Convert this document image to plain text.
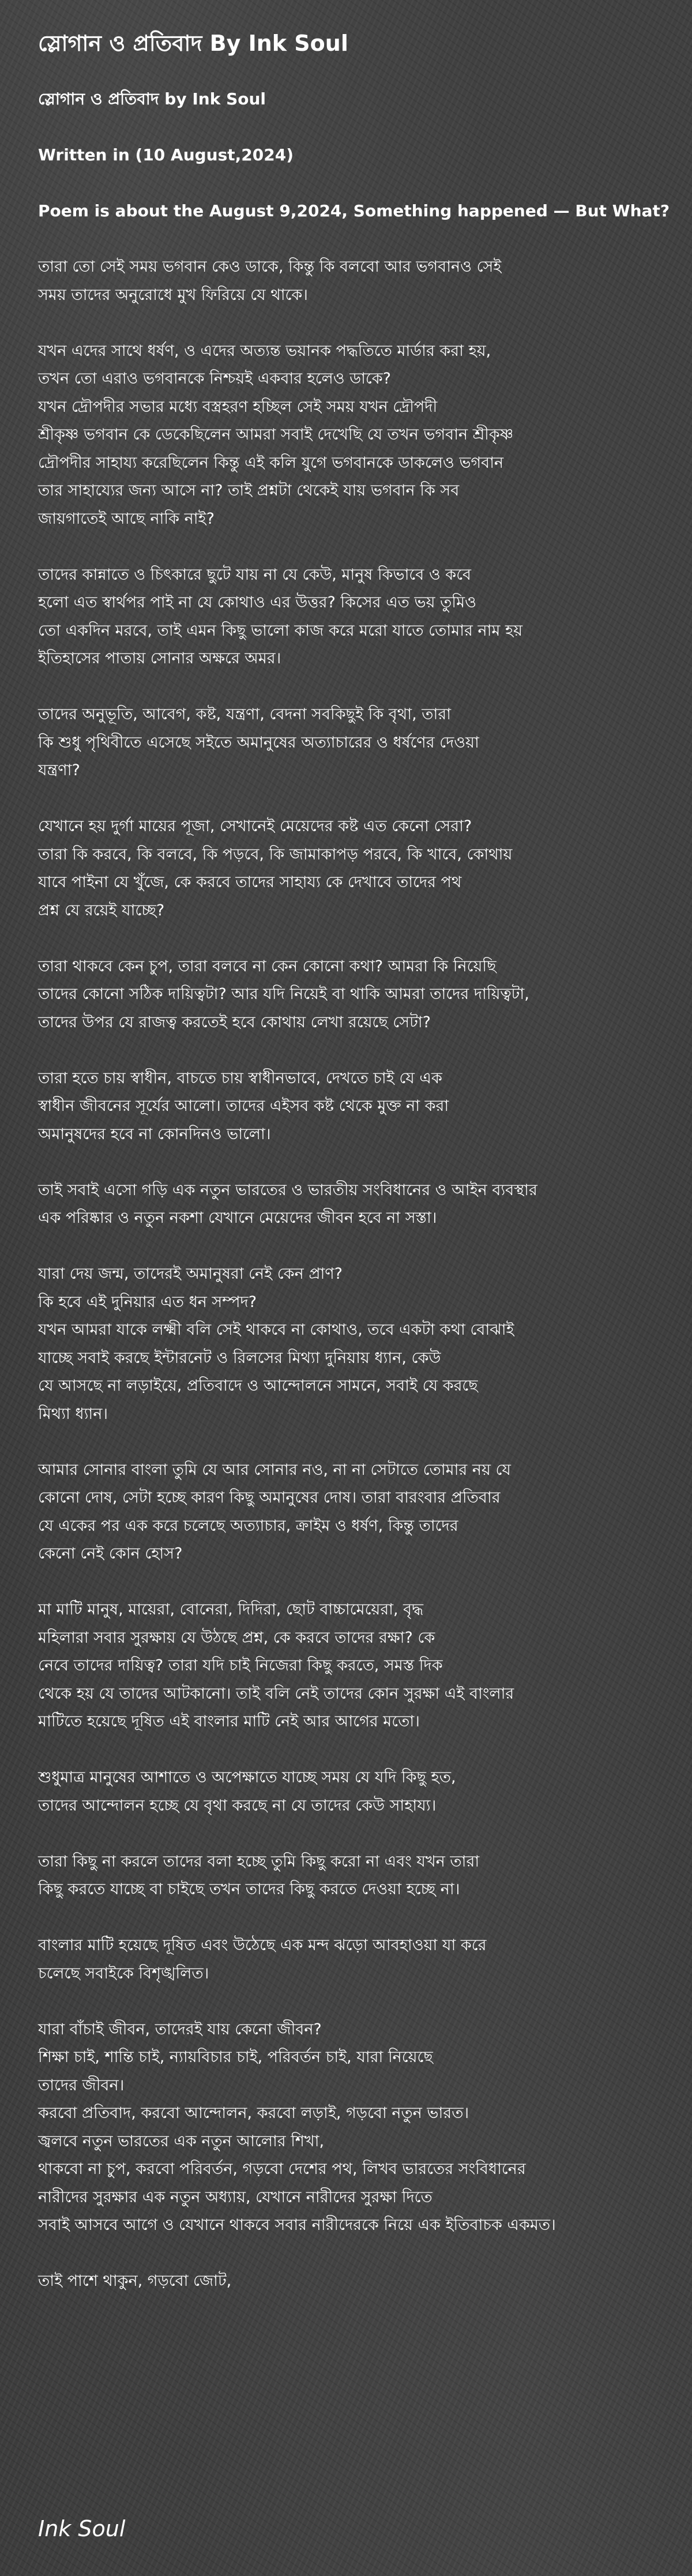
স্লোগান ও প্রতিবাদ By Ink Soul
স্লোগান ও প্রতিবাদ by Ink Soul
Written in (10 August,2024)
Poem is about the August 9,2024, Something happened — But What?
তারা তো সেই সময় ভগবান কেও ডাকে, কিন্তু কি বলবো আর ভগবানও সেই
সময় তাদের অনুরোধে মুখ ফিরিয়ে যে থাকে।
যখন এদের সাথে ধর্ষণ, ও এদের অত্যন্ত ভয়ানক পদ্ধতিতে মার্ডার করা হয়,
তখন তো এরাও ভগবানকে নিশ্চয়ই একবার হলেও ডাকে?
যখন দ্রৌপদীর সভার মধ্যে বস্ত্রহরণ হচ্ছিল সেই সময় যখন দ্রৌপদী
শ্রীকৃষ্ণ ভগবান কে ডেকেছিলেন আমরা সবাই দেখেছি যে তখন ভগবান শ্রীকৃষ্ণ
দ্রৌপদীর সাহায্য করেছিলেন কিন্তু এই কলি যুগে ভগবানকে ডাকলেও ভগবান
তার সাহায্যের জন্য আসে না? তাই প্রশ্নটা থেকেই যায় ভগবান কি সব
জায়গাতেই আছে নাকি নাই?
তাদের কান্নাতে ও চিৎকারে ছুটে যায় না যে কেউ, মানুষ কিভাবে ও কবে
হলো এত স্বার্থপর পাই না যে কোথাও এর উত্তর? কিসের এত ভয় তুমিও
তো একদিন মরবে, তাই এমন কিছু ভালো কাজ করে মরো যাতে তোমার নাম হয়
ইতিহাসের পাতায় সোনার অক্ষরে অমর।
তাদের অনুভূতি, আবেগ, কষ্ট, যন্ত্রণা, বেদনা সবকিছুই কি বৃথা, তারা
কি শুধু পৃথিবীতে এসেছে সইতে অমানুষের অত্যাচারের ও ধর্ষণের দেওয়া
যন্ত্রণা?
যেখানে হয় দুর্গা মায়ের পূজা, সেখানেই মেয়েদের কষ্ট এত কেনো সেরা?
তারা কি করবে, কি বলবে, কি পড়বে, কি জামাকাপড় পরবে, কি খাবে, কোথায়
যাবে পাইনা যে খুঁজে, কে করবে তাদের সাহায্য কে দেখাবে তাদের পথ
প্রশ্ন যে রয়েই যাচ্ছে?
তারা থাকবে কেন চুপ, তারা বলবে না কেন কোনো কথা? আমরা কি নিয়েছি
তাদের কোনো সঠিক দায়িত্বটা? আর যদি নিয়েই বা থাকি আমরা তাদের দায়িত্বটা,
তাদের উপর যে রাজত্ব করতেই হবে কোথায় লেখা রয়েছে সেটা?
তারা হতে চায় স্বাধীন, বাচতে চায় স্বাধীনভাবে, দেখতে চাই যে এক
স্বাধীন জীবনের সূর্যের আলো। তাদের এইসব কষ্ট থেকে মুক্ত না করা
অমানুষদের হবে না কোনদিনও ভালো।
তাই সবাই এসো গড়ি এক নতুন ভারতের ও ভারতীয় সংবিধানের ও আইন ব্যবস্থার
এক পরিষ্কার ও নতুন নকশা যেখানে মেয়েদের জীবন হবে না সস্তা।
যারা দেয় জন্ম, তাদেরই অমানুষরা নেই কেন প্রাণ?
কি হবে এই দুনিয়ার এত ধন সম্পদ?
যখন আমরা যাকে লক্ষ্মী বলি সেই থাকবে না কোথাও, তবে একটা কথা বোঝাই
যাচ্ছে সবাই করছে ইন্টারনেট ও রিলসের মিথ্যা দুনিয়ায় ধ্যান, কেউ
যে আসছে না লড়াইয়ে, প্রতিবাদে ও আন্দোলনে সামনে, সবাই যে করছে
মিথ্যা ধ্যান।
আমার সোনার বাংলা তুমি যে আর সোনার নও, না না সেটাতে তোমার নয় যে
কোনো দোষ, সেটা হচ্ছে কারণ কিছু অমানুষের দোষ। তারা বারংবার প্রতিবার
যে একের পর এক করে চলেছে অত্যাচার, ক্রাইম ও ধর্ষণ, কিন্তু তাদের
কেনো নেই কোন হোস?
মা মাটি মানুষ, মায়েরা, বোনেরা, দিদিরা, ছোট বাচ্চামেয়েরা, বৃদ্ধ
মহিলারা সবার সুরক্ষায় যে উঠছে প্রশ্ন, কে করবে তাদের রক্ষা? কে
নেবে তাদের দায়িত্ব? তারা যদি চাই নিজেরা কিছু করতে, সমস্ত দিক
থেকে হয় যে তাদের আটকানো। তাই বলি নেই তাদের কোন সুরক্ষা এই বাংলার
মাটিতে হয়েছে দূষিত এই বাংলার মাটি নেই আর আগের মতো।
শুধুমাত্র মানুষের আশাতে ও অপেক্ষাতে যাচ্ছে সময় যে যদি কিছু হত,
তাদের আন্দোলন হচ্ছে যে বৃথা করছে না যে তাদের কেউ সাহায্য।
তারা কিছু না করলে তাদের বলা হচ্ছে তুমি কিছু করো না এবং যখন তারা
কিছু করতে যাচ্ছে বা চাইছে তখন তাদের কিছু করতে দেওয়া হচ্ছে না।
বাংলার মাটি হয়েছে দূষিত এবং উঠেছে এক মন্দ ঝড়ো আবহাওয়া যা করে
চলেছে সবাইকে বিশৃঙ্খলিত।
যারা বাঁচাই জীবন, তাদেরই যায় কেনো জীবন?
শিক্ষা চাই, শান্তি চাই, ন্যায়বিচার চাই, পরিবর্তন চাই, যারা নিয়েছে
তাদের জীবন।
করবো প্রতিবাদ, করবো আন্দোলন, করবো লড়াই, গড়বো নতুন ভারত।
জ্বলবে নতুন ভারতের এক নতুন আলোর শিখা,
থাকবো না চুপ, করবো পরিবর্তন, গড়বো দেশের পথ, লিখব ভারতের সংবিধানের
নারীদের সুরক্ষার এক নতুন অধ্যায়, যেখানে নারীদের সুরক্ষা দিতে
সবাই আসবে আগে ও যেখানে থাকবে সবার নারীদেরকে নিয়ে এক ইতিবাচক একমত।
তাই পাশে থাকুন, গড়বো জোট,
Ink Soul
